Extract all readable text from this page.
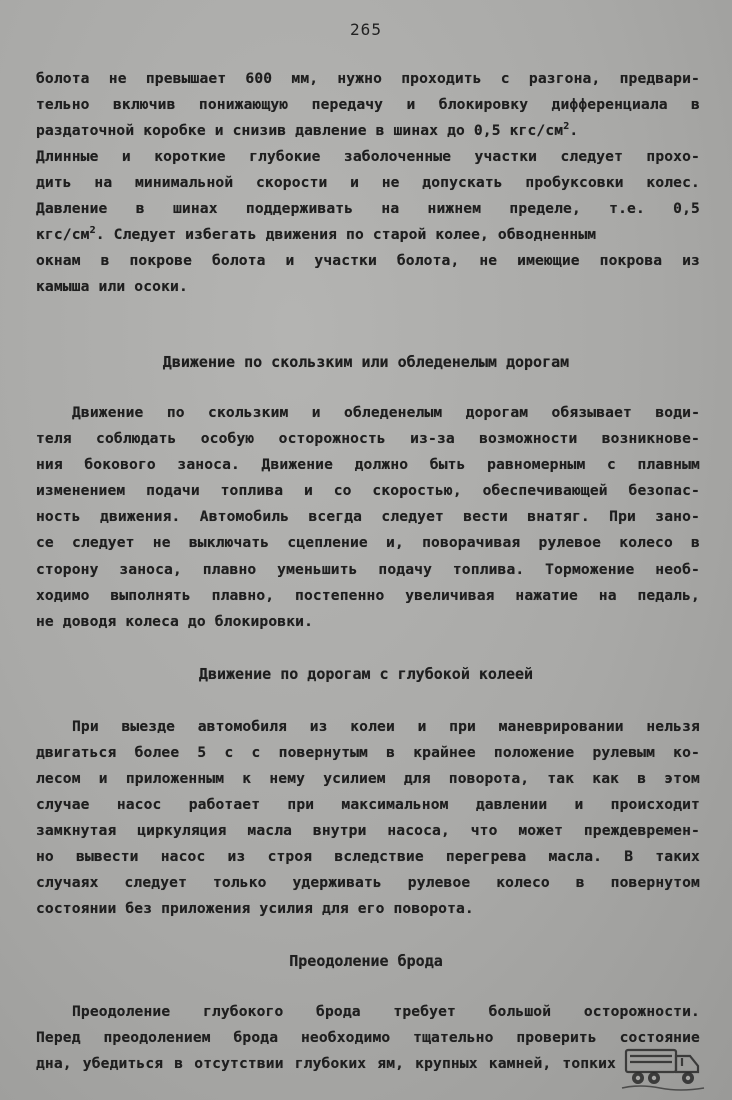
265
болота не превышает 600 мм, нужно проходить с разгона, предвари-
тельно включив понижающую передачу и блокировку дифференциала в
раздаточной коробке и снизив давление в шинах до 0,5 кгс/$см^2$.
Длинные и короткие глубокие заболоченные участки следует прохо-
дить на минимальной скорости и не допускать пробуксовки колес.
Давление в шинах поддерживать на нижнем пределе, т.е. 0,5
кгс/$см^2$. Следует избегать движения по старой колее, обводненным
окнам в покрове болота и участки болота, не имеющие покрова из
камыша или осоки.
Движение по скользким или обледенелым дорогам
Движение по скользким и обледенелым дорогам обязывает води-
теля соблюдать особую осторожность из-за возможности возникнове-
ния бокового заноса. Движение должно быть равномерным с плавным
изменением подачи топлива и со скоростью, обеспечивающей безопас-
ность движения. Автомобиль всегда следует вести внатяг. При зано-
се следует не выключать сцепление и, поворачивая рулевое колесо в
сторону заноса, плавно уменьшить подачу топлива. Торможение необ-
ходимо выполнять плавно, постепенно увеличивая нажатие на педаль,
не доводя колеса до блокировки.
Движение по дорогам с глубокой колеей
При выезде автомобиля из колеи и при маневрировании нельзя
двигаться более 5 с с повернутым в крайнее положение рулевым ко-
лесом и приложенным к нему усилием для поворота, так как в этом
случае насос работает при максимальном давлении и происходит
замкнутая циркуляция масла внутри насоса, что может преждевремен-
но вывести насос из строя вследствие перегрева масла. В таких
случаях следует только удерживать рулевое колесо в повернутом
состоянии без приложения усилия для его поворота.
Преодоление брода
Преодоление глубокого брода требует большой осторожности.
Перед преодолением брода необходимо тщательно проверить состояние
дна, убедиться в отсутствии глубоких ям, крупных камней, топких
